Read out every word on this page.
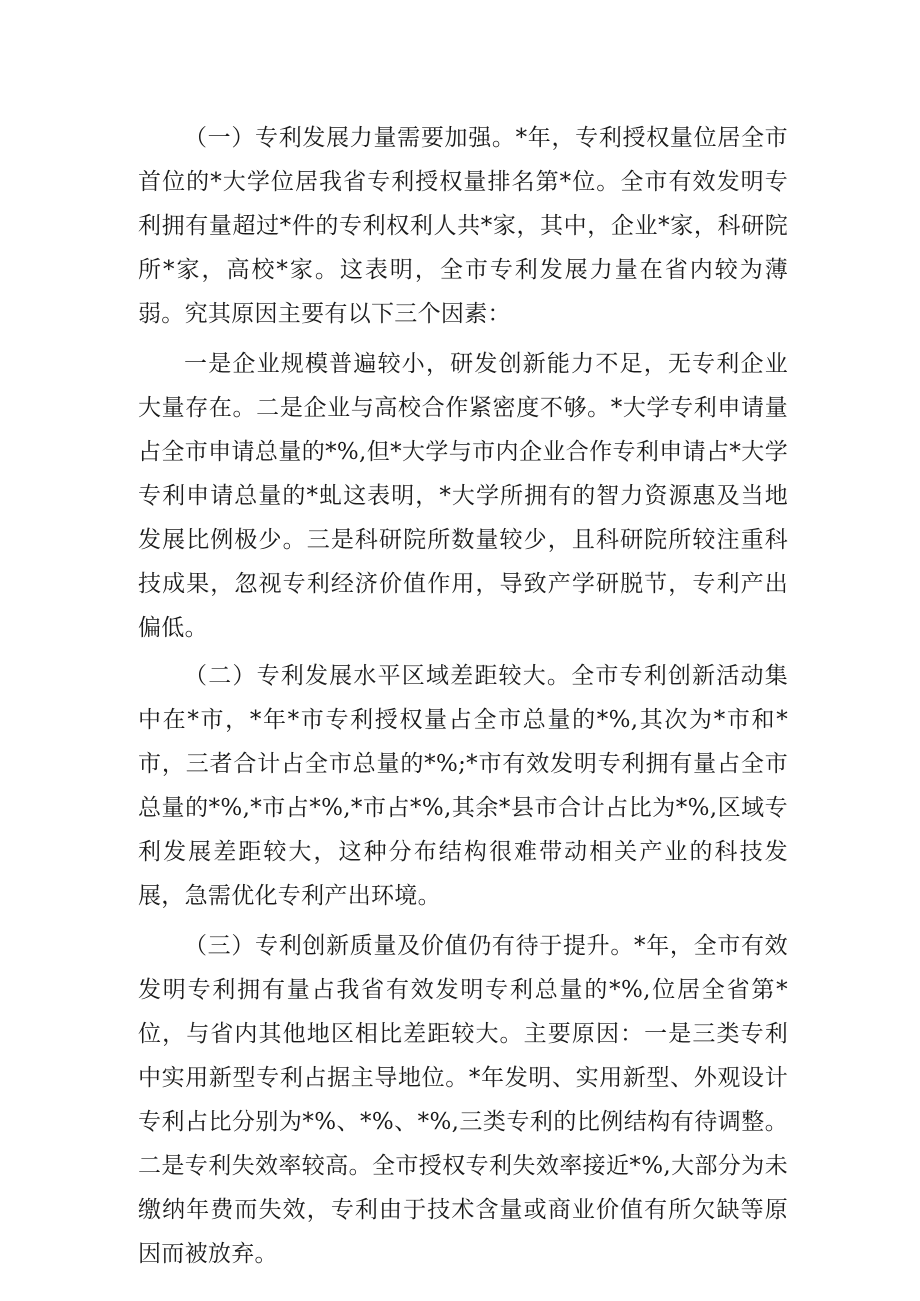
（一）专利发展力量需要加强。*年，专利授权量位居全市首位的*大学位居我省专利授权量排名第*位。全市有效发明专利拥有量超过*件的专利权利人共*家，其中，企业*家，科研院所*家，高校*家。这表明，全市专利发展力量在省内较为薄弱。究其原因主要有以下三个因素：

一是企业规模普遍较小，研发创新能力不足，无专利企业大量存在。二是企业与高校合作紧密度不够。*大学专利申请量占全市申请总量的*%,但*大学与市内企业合作专利申请占*大学专利申请总量的*虬这表明，*大学所拥有的智力资源惠及当地发展比例极少。三是科研院所数量较少，且科研院所较注重科技成果，忽视专利经济价值作用，导致产学研脱节，专利产出偏低。

（二）专利发展水平区域差距较大。全市专利创新活动集中在*市，*年*市专利授权量占全市总量的*%,其次为*市和*市，三者合计占全市总量的*%;*市有效发明专利拥有量占全市总量的*%,*市占*%,*市占*%,其余*县市合计占比为*%,区域专利发展差距较大，这种分布结构很难带动相关产业的科技发展，急需优化专利产出环境。

（三）专利创新质量及价值仍有待于提升。*年，全市有效发明专利拥有量占我省有效发明专利总量的*%,位居全省第*位，与省内其他地区相比差距较大。主要原因：一是三类专利中实用新型专利占据主导地位。*年发明、实用新型、外观设计专利占比分别为*%、*%、*%,三类专利的比例结构有待调整。二是专利失效率较高。全市授权专利失效率接近*%,大部分为未缴纳年费而失效，专利由于技术含量或商业价值有所欠缺等原因而被放弃。
